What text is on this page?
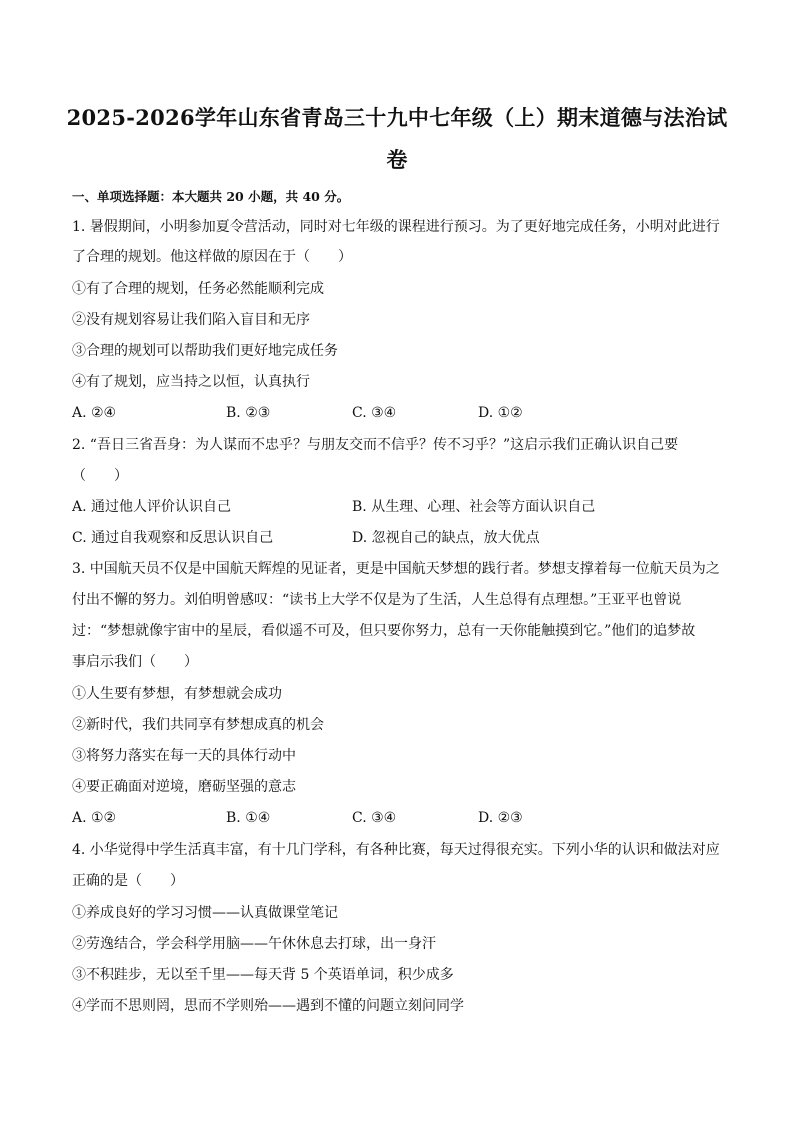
2025-2026学年山东省青岛三十九中七年级（上）期末道德与法治试
卷
一、单项选择题：本大题共 20 小题，共 40 分。
1. 暑假期间，小明参加夏令营活动，同时对七年级的课程进行预习。为了更好地完成任务，小明对此进行
了合理的规划。他这样做的原因在于（　　）
①有了合理的规划，任务必然能顺利完成
②没有规划容易让我们陷入盲目和无序
③合理的规划可以帮助我们更好地完成任务
④有了规划，应当持之以恒，认真执行
A. ②④	B. ②③	C. ③④	D. ①②
2. “吾日三省吾身：为人谋而不忠乎？与朋友交而不信乎？传不习乎？”这启示我们正确认识自己要
（　　）
A. 通过他人评价认识自己	B. 从生理、心理、社会等方面认识自己
C. 通过自我观察和反思认识自己	D. 忽视自己的缺点，放大优点
3. 中国航天员不仅是中国航天辉煌的见证者，更是中国航天梦想的践行者。梦想支撑着每一位航天员为之
付出不懈的努力。刘伯明曾感叹：“读书上大学不仅是为了生活，人生总得有点理想。”王亚平也曾说
过：“梦想就像宇宙中的星辰，看似遥不可及，但只要你努力，总有一天你能触摸到它。”他们的追梦故
事启示我们（　　）
①人生要有梦想，有梦想就会成功
②新时代，我们共同享有梦想成真的机会
③将努力落实在每一天的具体行动中
④要正确面对逆境，磨砺坚强的意志
A. ①②	B. ①④	C. ③④	D. ②③
4. 小华觉得中学生活真丰富，有十几门学科，有各种比赛，每天过得很充实。下列小华的认识和做法对应
正确的是（　　）
①养成良好的学习习惯——认真做课堂笔记
②劳逸结合，学会科学用脑——午休休息去打球，出一身汗
③不积跬步，无以至千里——每天背 5 个英语单词，积少成多
④学而不思则罔，思而不学则殆——遇到不懂的问题立刻问同学
